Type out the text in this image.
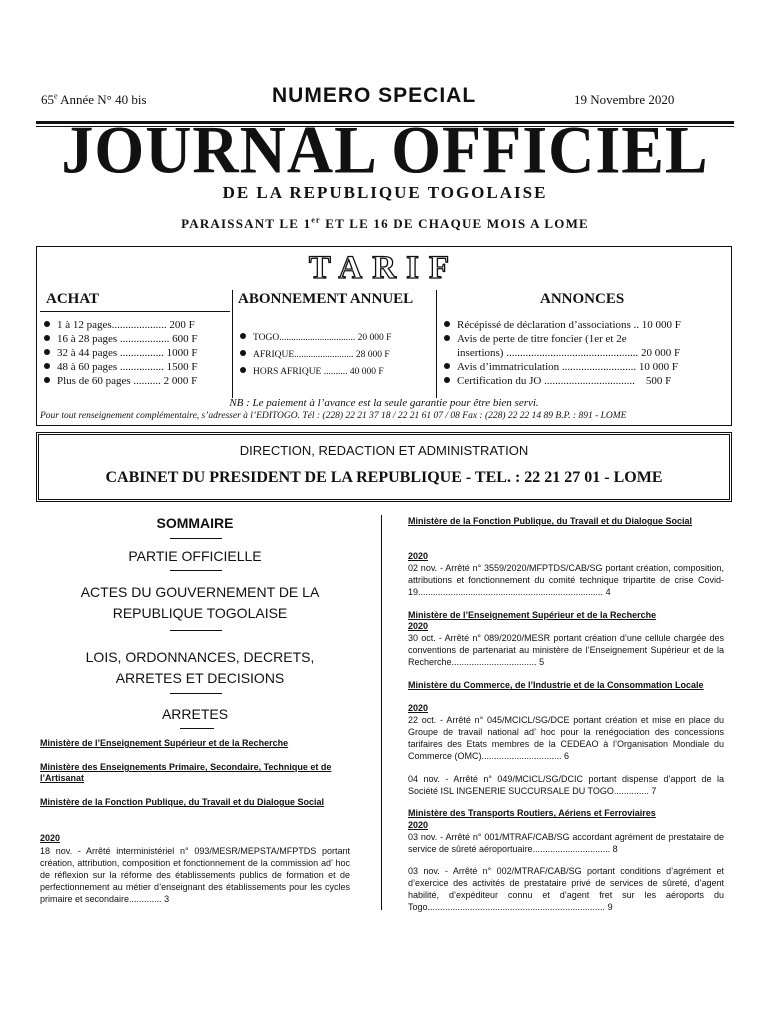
65e Année N° 40 bis	NUMERO SPECIAL	19 Novembre 2020
JOURNAL OFFICIEL
DE LA REPUBLIQUE TOGOLAISE
PARAISSANT LE 1er ET LE 16 DE CHAQUE MOIS A LOME
TARIF
ACHAT	ABONNEMENT ANNUEL	ANNONCES
1 à 12 pages.................... 200 F
16 à 28 pages .................. 600 F
32 à 44 pages ................ 1000 F
48 à 60 pages ................ 1500 F
Plus de 60 pages .......... 2 000 F
TOGO................................ 20 000 F
AFRIQUE......................... 28 000 F
HORS AFRIQUE .......... 40 000 F
Récépissé de déclaration d’associations .. 10 000 F
Avis de perte de titre foncier (1er et 2e
insertions) ................................................ 20 000 F
Avis d’immatriculation ........................... 10 000 F
Certification du JO .................................    500 F
NB : Le paiement à l’avance est la seule garantie pour être bien servi.
Pour tout renseignement complémentaire, s’adresser à l’EDITOGO. Tél : (228) 22 21 37 18 / 22 21 61 07 / 08 Fax : (228) 22 22 14 89 B.P. : 891 - LOME
DIRECTION, REDACTION ET ADMINISTRATION
CABINET DU PRESIDENT DE LA REPUBLIQUE - TEL. : 22 21 27 01 - LOME
SOMMAIRE
PARTIE OFFICIELLE
ACTES DU GOUVERNEMENT DE LA REPUBLIQUE TOGOLAISE
LOIS, ORDONNANCES, DECRETS, ARRETES ET DECISIONS
ARRETES
Ministère de l’Enseignement Supérieur et de la Recherche
Ministère des Enseignements Primaire, Secondaire, Technique et de l’Artisanat
Ministère de la Fonction Publique, du Travail et du Dialogue Social
2020
18 nov. - Arrêté interministériel n° 093/MESR/MEPSTA/MFPTDS portant création, attribution, composition et fonctionnement de la commission ad’ hoc de réflexion sur la réforme des établissements publics de formation et de perfectionnement au métier d’enseignant des établissements pour les cycles primaire et secondaire............. 3
Ministère de la Fonction Publique, du Travail et du Dialogue Social
2020
02 nov. - Arrêté n° 3559/2020/MFPTDS/CAB/SG portant création, composition, attributions et fonctionnement du comité technique tripartite de crise Covid-19.......................................................................... 4
Ministère de l’Enseignement Supérieur et de la Recherche
2020
30 oct. - Arrêté n° 089/2020/MESR portant création d’une cellule chargée des conventions de partenariat au ministère de l’Enseignement Supérieur et de la Recherche.................................. 5
Ministère du Commerce, de l’Industrie et de la Consommation Locale
2020
22 oct. - Arrêté n° 045/MCICL/SG/DCE portant création et mise en place du Groupe de travail national ad’ hoc pour la renégociation des concessions tarifaires des Etats membres de la CEDEAO à l’Organisation Mondiale du Commerce (OMC)................................ 6
04 nov. - Arrêté n° 049/MCICL/SG/DCIC portant dispense d’apport de la Société ISL INGENERIE SUCCURSALE DU TOGO.............. 7
Ministère des Transports Routiers, Aériens et Ferroviaires
2020
03 nov. - Arrêté n° 001/MTRAF/CAB/SG accordant agrément de prestataire de service de sûreté aéroportuaire............................... 8
03 nov. - Arrêté n° 002/MTRAF/CAB/SG portant conditions d’agrément et d’exercice des activités de prestataire privé de services de sûreté, d’agent habilité, d’expéditeur connu et d’agent fret sur les aéroports du Togo....................................................................... 9
